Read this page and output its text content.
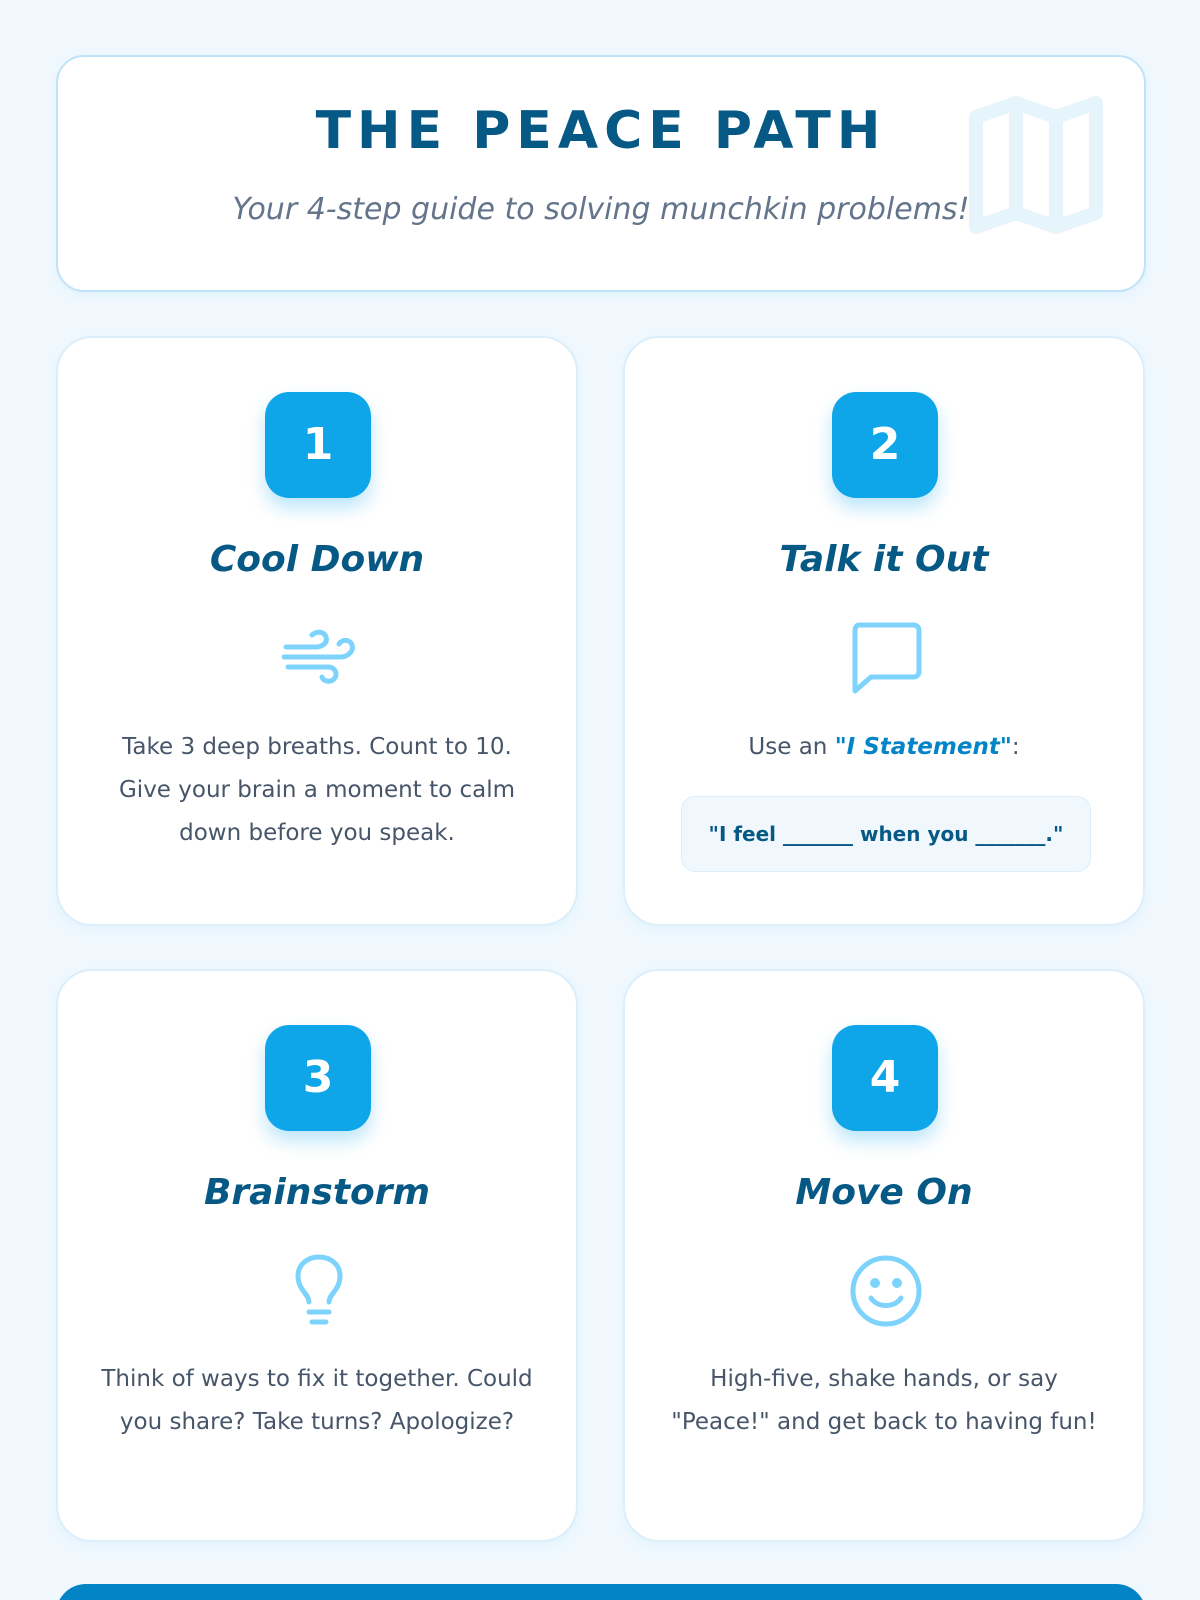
THE PEACE PATH
Your 4-step guide to solving munchkin problems!
1
Cool Down
Take 3 deep breaths. Count to 10. Give your brain a moment to calm down before you speak.
2
Talk it Out
Use an "I Statement":
"I feel _______ when you _______."
3
Brainstorm
Think of ways to fix it together. Could you share? Take turns? Apologize?
4
Move On
High-five, shake hands, or say "Peace!" and get back to having fun!
